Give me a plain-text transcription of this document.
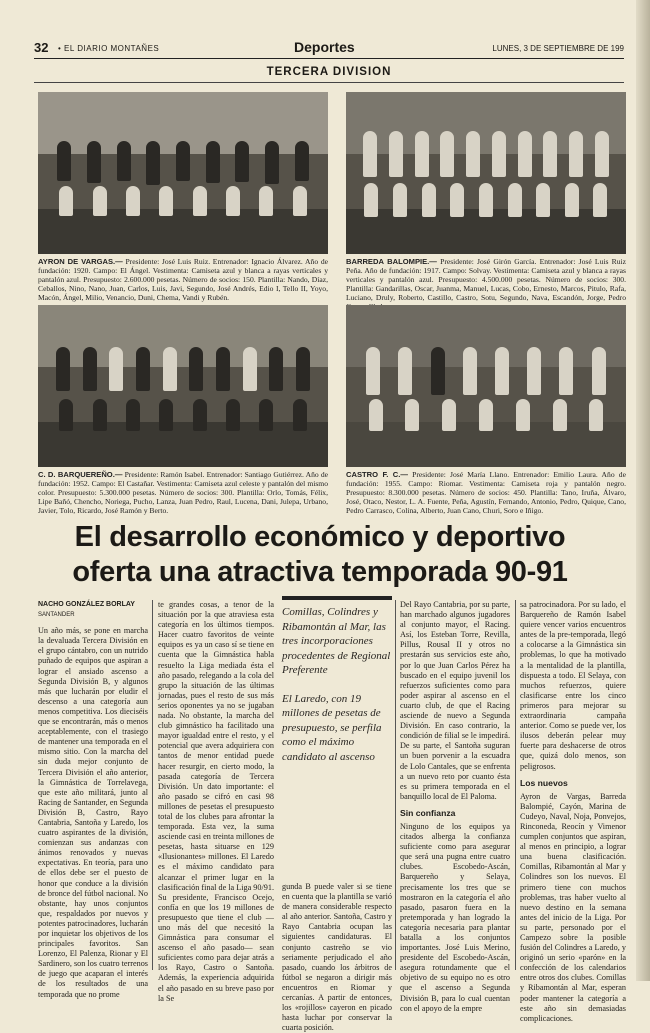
32 • EL DIARIO MONTAÑES	Deportes	LUNES, 3 DE SEPTIEMBRE DE 199
TERCERA DIVISION
AYRON DE VARGAS.— Presidente: José Luis Ruiz. Entrenador: Ignacio Álvarez. Año de fundación: 1920. Campo: El Ángel. Vestimenta: Camiseta azul y blanca a rayas verticales y pantalón azul. Presupuesto: 2.600.000 pesetas. Número de socios: 150. Plantilla: Nando, Díaz, Ceballos, Nino, Nano, Juan, Carlos, Luis, Javi, Segundo, José Andrés, Edio I, Tello II, Yoyo, Macón, Ángel, Milio, Venancio, Duni, Chema, Vandi y Rubén.
BARREDA BALOMPIE.— Presidente: José Girón García. Entrenador: José Luis Ruiz Peña. Año de fundación: 1917. Campo: Solvay. Vestimenta: Camiseta azul y blanca a rayas verticales y pantalón azul. Presupuesto: 4.500.000 pesetas. Número de socios: 300. Plantilla: Gandarillas, Oscar, Juanma, Manuel, Lucas, Cobo, Ernesto, Marcos, Pitulo, Rafa, Luciano, Druly, Roberto, Castillo, Castro, Sotu, Segundo, Nava, Escandón, Jorge, Pedro
C. D. BARQUEREÑO.— Presidente: Ramón Isabel. Entrenador: Santiago Gutiérrez. Año de fundación: 1952. Campo: El Castañar. Vestimenta: Camiseta azul celeste y pantalón del mismo color. Presupuesto: 5.300.000 pesetas. Número de socios: 300. Plantilla: Orlo, Tomás, Félix, Lipe Bañó, Chencho, Noriega, Pucho, Lanza, Juan Pedro, Raul, Lucena, Dani, Julepa, Urbano, Javier, Tolo, Ricardo, José Ramón y Berto.
CASTRO F. C.— Presidente: José María Llano. Entrenador: Emilio Laura. Año de fundación: 1955. Campo: Riomar. Vestimenta: Camiseta roja y pantalón negro. Presupuesto: 8.300.000 pesetas. Número de socios: 450. Plantilla: Tano, Iruña, Álvaro, José, Otaco, Nestor, L. A. Fuente, Peña, Agustín, Fernando, Antonio, Pedro, Quique, Cano, Pedro Carrasco, Colina, Alberto, Juan Cano, Churi, Soro e Iñigo.
El desarrollo económico y deportivo
oferta una atractiva temporada 90-91
NACHO GONZÁLEZ BORLAY
SANTANDER
Un año más, se pone en marcha la devaluada Tercera División en el grupo cántabro, con un nutrido puñado de equipos que aspiran a lograr el ansiado ascenso a Segunda División B, y algunos más que lucharán por eludir el descenso a una categoría aun menos competitiva. Los dieciséis que se encontrarán, más o menos aceptablemente, con el trasiego de mantener una temporada en el mismo sitio. Con la marcha del sin duda mejor conjunto de Tercera División el año anterior, la Gimnástica de Torrelavega, que este año militará, junto al Racing de Santander, en Segunda División B, Castro, Rayo Cantabria, Santoña y Laredo, los cuatro aspirantes de la división, comienzan sus andanzas con ánimos renovados y nuevas expectativas. En teoría, para uno de ellos debe ser el puesto de honor que conduce a la división de bronce del fútbol nacional. No obstante, hay unos conjuntos que, respaldados por nuevos y potentes patrocinadores, lucharán por inquietar los objetivos de los principales favoritos. San Lorenzo, El Palenza, Rionar y El Sardinero, son los cuatro terrenos de juego que acaparan el interés de los resultados de una temporada que no prome
te grandes cosas, a tenor de la situación por la que atraviesa esta categoría en los últimos tiempos. Hacer cuatro favoritos de veinte equipos es ya un caso sí se tiene en cuenta que la Gimnástica habla resuelto la Liga mediada ésta el año pasado, relegando a la cola del grupo la situación de las últimas jornadas, pues el resto de sus más serios oponentes ya no se jugaban nada. No obstante, la marcha del club gimnástico ha facilitado una mayor igualdad entre el resto, y el potencial que avera adquiriera con tantos de menor entidad puede hacer resurgir, en cierto modo, la pasada categoría de Tercera División. Un dato importante: el año pasado se cifró en casi 98 millones de pesetas el presupuesto total de los clubes para afrontar la temporada. Esta vez, la suma asciende casi en treinta millones de pesetas, hasta situarse en 129 «Ilusionantes» millones. El Laredo es el máximo candidato para alcanzar el primer lugar en la clasificación final de la Liga 90/91. Su presidente, Francisco Ocejo, confía en que los 19 millones de presupuesto que tiene el club —uno más del que necesitó la Gimnástica para consumar el ascenso el año pasado— sean suficientes como para dejar atrás a los Rayo, Castro o Santoña. Además, la experiencia adquirida el año pasado en su breve paso por la Se

Comillas, Colindres y Ribamontán al Mar, las tres incorporaciones procedentes de Regional Preferente

El Laredo, con 19 millones de pesetas de presupuesto, se perfila como el máximo candidato al ascenso

gunda B puede valer si se tiene en cuenta que la plantilla se varió de manera considerable respecto al año anterior. Santoña, Castro y Rayo Cantabria ocupan las siguientes candidaturas. El conjunto castreño se vio seriamente perjudicado el año pasado, cuando los árbitros de fútbol se negaron a dirigir más encuentros en Riomar y cercanías. A partir de entonces, los «rojillos» cayeron en picado hasta luchar por conservar la cuarta posición.
Del Rayo Cantabria, por su parte, han marchado algunos jugadores al conjunto mayor, el Racing. Así, los Esteban Torre, Revilla, Pillus, Rousal II y otros no prestarán sus servicios este año, por lo que Juan Carlos Pérez ha buscado en el equipo juvenil los refuerzos suficientes como para poder aspirar al ascenso en el cuarto club, de que el Racing asciende de nuevo a Segunda División. En caso contrario, la condición de filial se le impedirá. De su parte, el Santoña suguran un buen porvenir a la escuadra de Lolo Cantales, que se enfrenta a un nuevo reto por cuanto ésta es su primera temporada en el banquillo local de El Paloma.
Sin confianza
Ninguno de los equipos ya citados alberga la confianza suficiente como para asegurar que será una pugna entre cuatro clubes. Escobedo-Ascán, Barquereño y Selaya, precisamente los tres que se mostraron en la categoría el año pasado, pasaron fuera en la pretemporada y han logrado la categoría necesaria para plantar batalla a los conjuntos importantes. José Luis Merino, presidente del Escobedo-Ascán, asegura rotundamente que el objetivo de su equipo no es otro que el ascenso a Segunda División B, para lo cual cuentan con el apoyo de la empre
sa patrocinadora. Por su lado, el Barquereño de Ramón Isabel quiere vencer varios encuentros antes de la pre-temporada, llegó a colocarse a la Gimnástica sin problemas, lo que ha motivado a la mentalidad de la plantilla, dispuesta a todo. El Selaya, con muchos refuerzos, quiere clasificarse entre los cinco primeros para mejorar su extraordinaria campaña anterior. Como se puede ver, los ilusos deberán pelear muy fuerte para deshacerse de otros que, quizá dolo menos, son peligrosos.
Los nuevos
Ayron de Vargas, Barreda Balompié, Cayón, Marina de Cudeyo, Naval, Noja, Ponvejos, Rinconeda, Reocín y Vimenor cumplen conjuntos que aspiran, al menos en principio, a lograr una buena clasificación. Comillas, Ribamontán al Mar y Colindres son los nuevos. El primero tiene con muchos problemas, tras haber vuelto al nuevo destino en la semana antes del inicio de la Liga. Por su parte, personado por el Campezo sobre la posible fusión del Colindres a Laredo, y originó un serio «parón» en la confección de los calendarios entre otros dos clubes. Comillas y Ribamontán al Mar, esperan poder mantener la categoría a este año sin demasiadas complicaciones.
